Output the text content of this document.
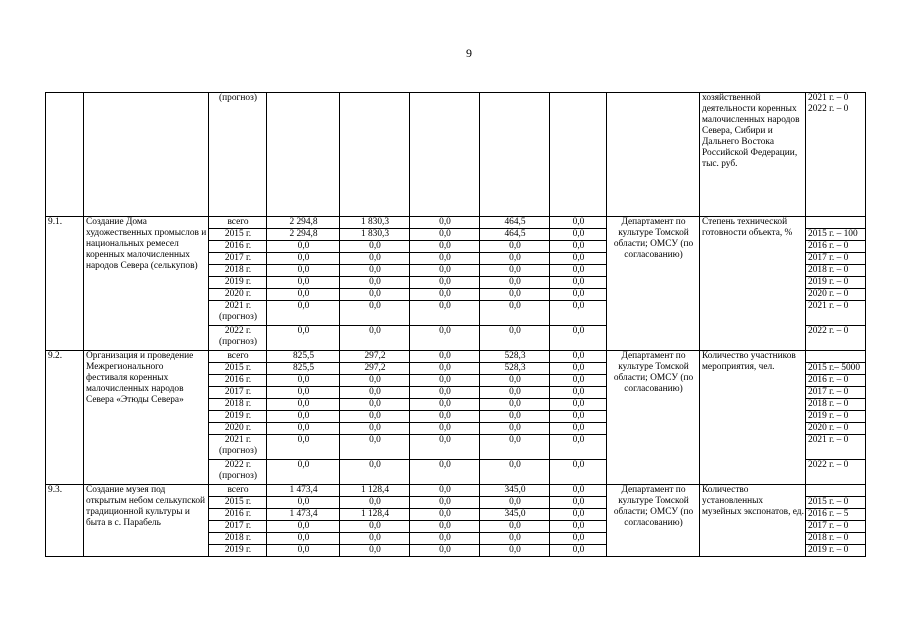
9
		(прогноз)							хозяйственной деятельности коренных малочисленных народов Севера, Сибири и Дальнего Востока Российской Федерации, тыс. руб.	2021 г. – 0
2022 г. – 0

9.1.	Создание Дома художественных промыслов и национальных ремесел коренных малочисленных народов Севера (селькупов)	всего	2 294,8	1 830,3	0,0	464,5	0,0	Департамент по культуре Томской области; ОМСУ (по согласованию)	Степень технической готовности объекта, %	
		2015 г.	2 294,8	1 830,3	0,0	464,5	0,0			2015 г. – 100
		2016 г.	0,0	0,0	0,0	0,0	0,0			2016 г. – 0
		2017 г.	0,0	0,0	0,0	0,0	0,0			2017 г. – 0
		2018 г.	0,0	0,0	0,0	0,0	0,0			2018 г. – 0
		2019 г.	0,0	0,0	0,0	0,0	0,0			2019 г. – 0
		2020 г.	0,0	0,0	0,0	0,0	0,0			2020 г. – 0
		2021 г. (прогноз)	0,0	0,0	0,0	0,0	0,0			2021 г. – 0
		2022 г. (прогноз)	0,0	0,0	0,0	0,0	0,0			2022 г. – 0
9.2.	Организация и проведение Межрегионального фестиваля коренных малочисленных народов Севера «Этюды Севера»	всего	825,5	297,2	0,0	528,3	0,0	Департамент по культуре Томской области; ОМСУ (по согласованию)	Количество участников мероприятия, чел.	
		2015 г.	825,5	297,2	0,0	528,3	0,0			2015 г.– 5000
		2016 г.	0,0	0,0	0,0	0,0	0,0			2016 г. – 0
		2017 г.	0,0	0,0	0,0	0,0	0,0			2017 г. – 0
		2018 г.	0,0	0,0	0,0	0,0	0,0			2018 г. – 0
		2019 г.	0,0	0,0	0,0	0,0	0,0			2019 г. – 0
		2020 г.	0,0	0,0	0,0	0,0	0,0			2020 г. – 0
		2021 г. (прогноз)	0,0	0,0	0,0	0,0	0,0			2021 г. – 0
		2022 г. (прогноз)	0,0	0,0	0,0	0,0	0,0			2022 г. – 0
9.3.	Создание музея под открытым небом селькупской традиционной культуры и быта в с. Парабель	всего	1 473,4	1 128,4	0,0	345,0	0,0	Департамент по культуре Томской области; ОМСУ (по согласованию)	Количество установленных музейных экспонатов, ед.	
		2015 г.	0,0	0,0	0,0	0,0	0,0			2015 г. – 0
		2016 г.	1 473,4	1 128,4	0,0	345,0	0,0			2016 г. – 5
		2017 г.	0,0	0,0	0,0	0,0	0,0			2017 г. – 0
		2018 г.	0,0	0,0	0,0	0,0	0,0			2018 г. – 0
		2019 г.	0,0	0,0	0,0	0,0	0,0			2019 г. – 0
